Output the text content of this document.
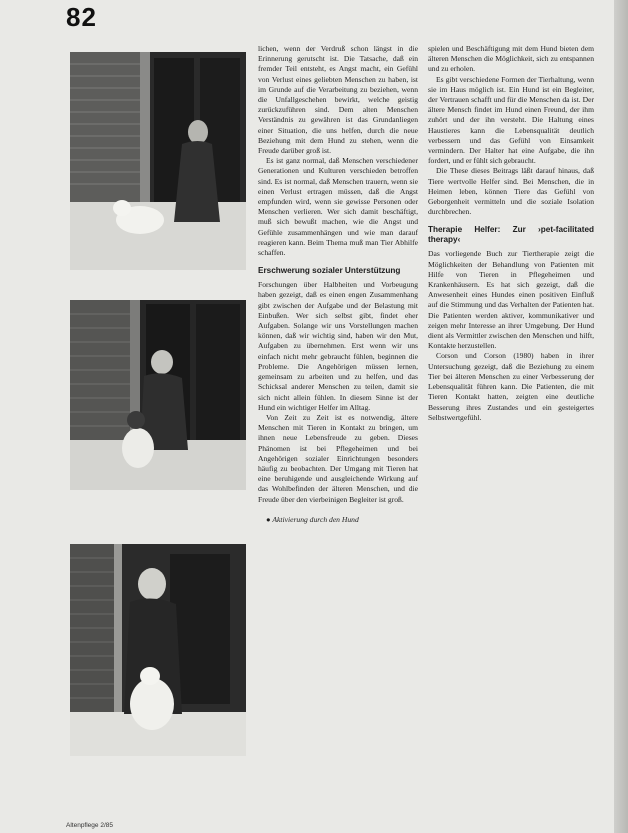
82

lichen, wenn der Verdruß schon längst in die Erinnerung gerutscht ist. Die Tatsache, daß ein fremder Teil entsteht, es Angst macht, ein Gefühl von Verlust eines geliebten Menschen zu haben, ist im Grunde auf die Verarbeitung zu beziehen, wenn die Unfallgeschehen bewirkt, welche geistig zurückzuführen sind. Dem alten Menschen Verständnis zu gewähren ist das Grundanliegen einer Situation, die uns helfen, durch die neue Beziehung mit dem Hund zu stehen, wenn die Freude darüber groß ist.

Es ist ganz normal, daß Menschen verschiedener Generationen und Kulturen verschieden betroffen sind. Es ist normal, daß Menschen trauern, wenn sie einen Verlust ertragen müssen, daß die Angst empfunden wird, wenn sie gewisse Personen oder Menschen verlieren. Wer sich damit beschäftigt, muß sich bewußt machen, wie die Angst und Gefühle zusammenhängen und wie man darauf reagieren kann. Beim Thema muß man Tier Abhilfe schaffen.

Erschwerung sozialer Unterstützung

Forschungen über Halbheiten und Vorbeugung haben gezeigt, daß es einen engen Zusammenhang gibt zwischen der Aufgabe und der Belastung mit Einbußen. Wer sich selbst gibt, findet eher Aufgaben. Solange wir uns Vorstellungen machen können, daß wir wichtig sind, haben wir den Mut, Aufgaben zu übernehmen. Erst wenn wir uns einfach nicht mehr gebraucht fühlen, beginnen die Probleme. Die Angehörigen müssen lernen, gemeinsam zu arbeiten und zu helfen, und das Schicksal anderer Menschen zu teilen, damit sie sich nicht allein fühlen. In diesem Sinne ist der Hund ein wichtiger Helfer im Alltag.

Von Zeit zu Zeit ist es notwendig, ältere Menschen mit Tieren in Kontakt zu bringen, um ihnen neue Lebensfreude zu geben. Dieses Phänomen ist bei Pflegeheimen und bei Angehörigen sozialer Einrichtungen besonders häufig zu beobachten. Der Umgang mit Tieren hat eine beruhigende und ausgleichende Wirkung auf das Wohlbefinden der älteren Menschen, und die Freude über den vierbeinigen Begleiter ist groß.

● Aktivierung durch den Hund

spielen und Beschäftigung mit dem Hund bieten dem älteren Menschen die Möglichkeit, sich zu entspannen und zu erholen.

Es gibt verschiedene Formen der Tierhaltung, wenn sie im Haus möglich ist. Ein Hund ist ein Begleiter, der Vertrauen schafft und für die Menschen da ist. Der ältere Mensch findet im Hund einen Freund, der ihm zuhört und der ihn versteht. Die Haltung eines Haustieres kann die Lebensqualität deutlich verbessern und das Gefühl von Einsamkeit vermindern. Der Halter hat eine Aufgabe, die ihn fordert, und er fühlt sich gebraucht.

Die These dieses Beitrags läßt darauf hinaus, daß Tiere wertvolle Helfer sind. Bei Menschen, die in Heimen leben, können Tiere das Gefühl von Geborgenheit vermitteln und die soziale Isolation durchbrechen.

Therapie Helfer: Zur ›pet-facilitated therapy‹

Das vorliegende Buch zur Tiertherapie zeigt die Möglichkeiten der Behandlung von Patienten mit Hilfe von Tieren in Pflegeheimen und Krankenhäusern. Es hat sich gezeigt, daß die Anwesenheit eines Hundes einen positiven Einfluß auf die Stimmung und das Verhalten der Patienten hat. Die Patienten werden aktiver, kommunikativer und zeigen mehr Interesse an ihrer Umgebung. Der Hund dient als Vermittler zwischen den Menschen und hilft, Kontakte herzustellen.

Corson und Corson (1980) haben in ihrer Untersuchung gezeigt, daß die Beziehung zu einem Tier bei älteren Menschen zu einer Verbesserung der Lebensqualität führen kann. Die Patienten, die mit Tieren Kontakt hatten, zeigten eine deutliche Besserung ihres Zustandes und ein gesteigertes Selbstwertgefühl.

Altenpflege 2/85
